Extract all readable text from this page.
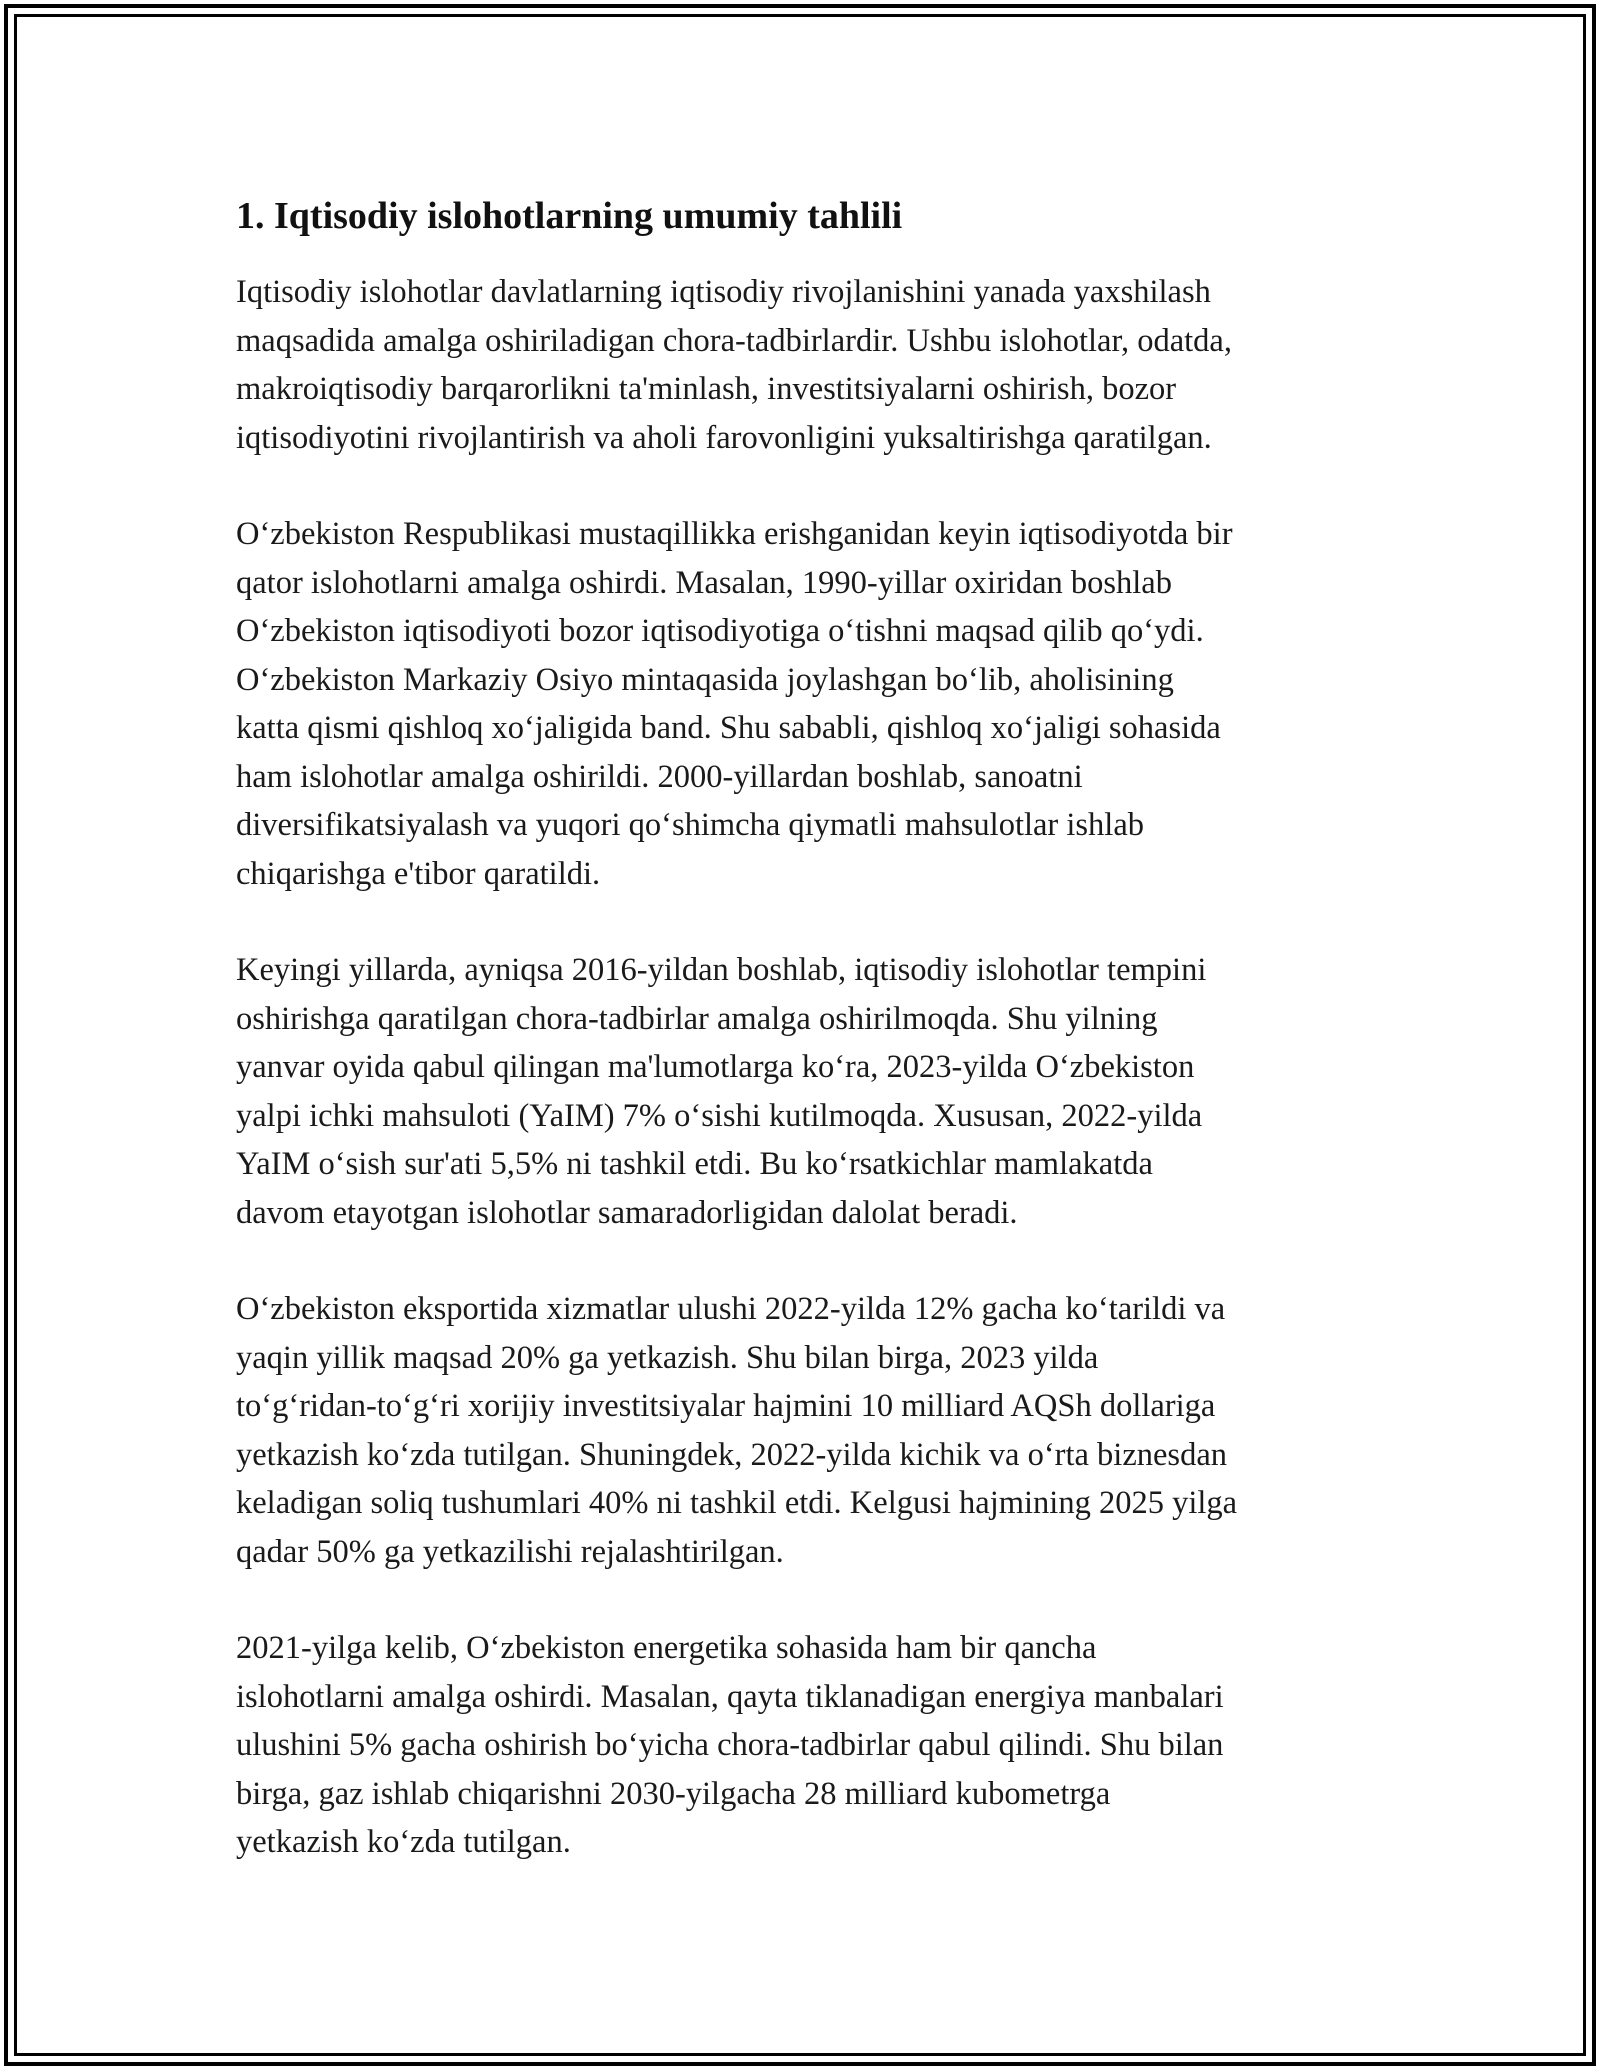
1. Iqtisodiy islohotlarning umumiy tahlili

Iqtisodiy islohotlar davlatlarning iqtisodiy rivojlanishini yanada yaxshilash
maqsadida amalga oshiriladigan chora-tadbirlardir. Ushbu islohotlar, odatda,
makroiqtisodiy barqarorlikni ta'minlash, investitsiyalarni oshirish, bozor
iqtisodiyotini rivojlantirish va aholi farovonligini yuksaltirishga qaratilgan.

O‘zbekiston Respublikasi mustaqillikka erishganidan keyin iqtisodiyotda bir
qator islohotlarni amalga oshirdi. Masalan, 1990-yillar oxiridan boshlab
O‘zbekiston iqtisodiyoti bozor iqtisodiyotiga o‘tishni maqsad qilib qo‘ydi.
O‘zbekiston Markaziy Osiyo mintaqasida joylashgan bo‘lib, aholisining
katta qismi qishloq xo‘jaligida band. Shu sababli, qishloq xo‘jaligi sohasida
ham islohotlar amalga oshirildi. 2000-yillardan boshlab, sanoatni
diversifikatsiyalash va yuqori qo‘shimcha qiymatli mahsulotlar ishlab
chiqarishga e'tibor qaratildi.

Keyingi yillarda, ayniqsa 2016-yildan boshlab, iqtisodiy islohotlar tempini
oshirishga qaratilgan chora-tadbirlar amalga oshirilmoqda. Shu yilning
yanvar oyida qabul qilingan ma'lumotlarga ko‘ra, 2023-yilda O‘zbekiston
yalpi ichki mahsuloti (YaIM) 7% o‘sishi kutilmoqda. Xususan, 2022-yilda
YaIM o‘sish sur'ati 5,5% ni tashkil etdi. Bu ko‘rsatkichlar mamlakatda
davom etayotgan islohotlar samaradorligidan dalolat beradi.

O‘zbekiston eksportida xizmatlar ulushi 2022-yilda 12% gacha ko‘tarildi va
yaqin yillik maqsad 20% ga yetkazish. Shu bilan birga, 2023 yilda
to‘g‘ridan-to‘g‘ri xorijiy investitsiyalar hajmini 10 milliard AQSh dollariga
yetkazish ko‘zda tutilgan. Shuningdek, 2022-yilda kichik va o‘rta biznesdan
keladigan soliq tushumlari 40% ni tashkil etdi. Kelgusi hajmining 2025 yilga
qadar 50% ga yetkazilishi rejalashtirilgan.

2021-yilga kelib, O‘zbekiston energetika sohasida ham bir qancha
islohotlarni amalga oshirdi. Masalan, qayta tiklanadigan energiya manbalari
ulushini 5% gacha oshirish bo‘yicha chora-tadbirlar qabul qilindi. Shu bilan
birga, gaz ishlab chiqarishni 2030-yilgacha 28 milliard kubometrga
yetkazish ko‘zda tutilgan.
